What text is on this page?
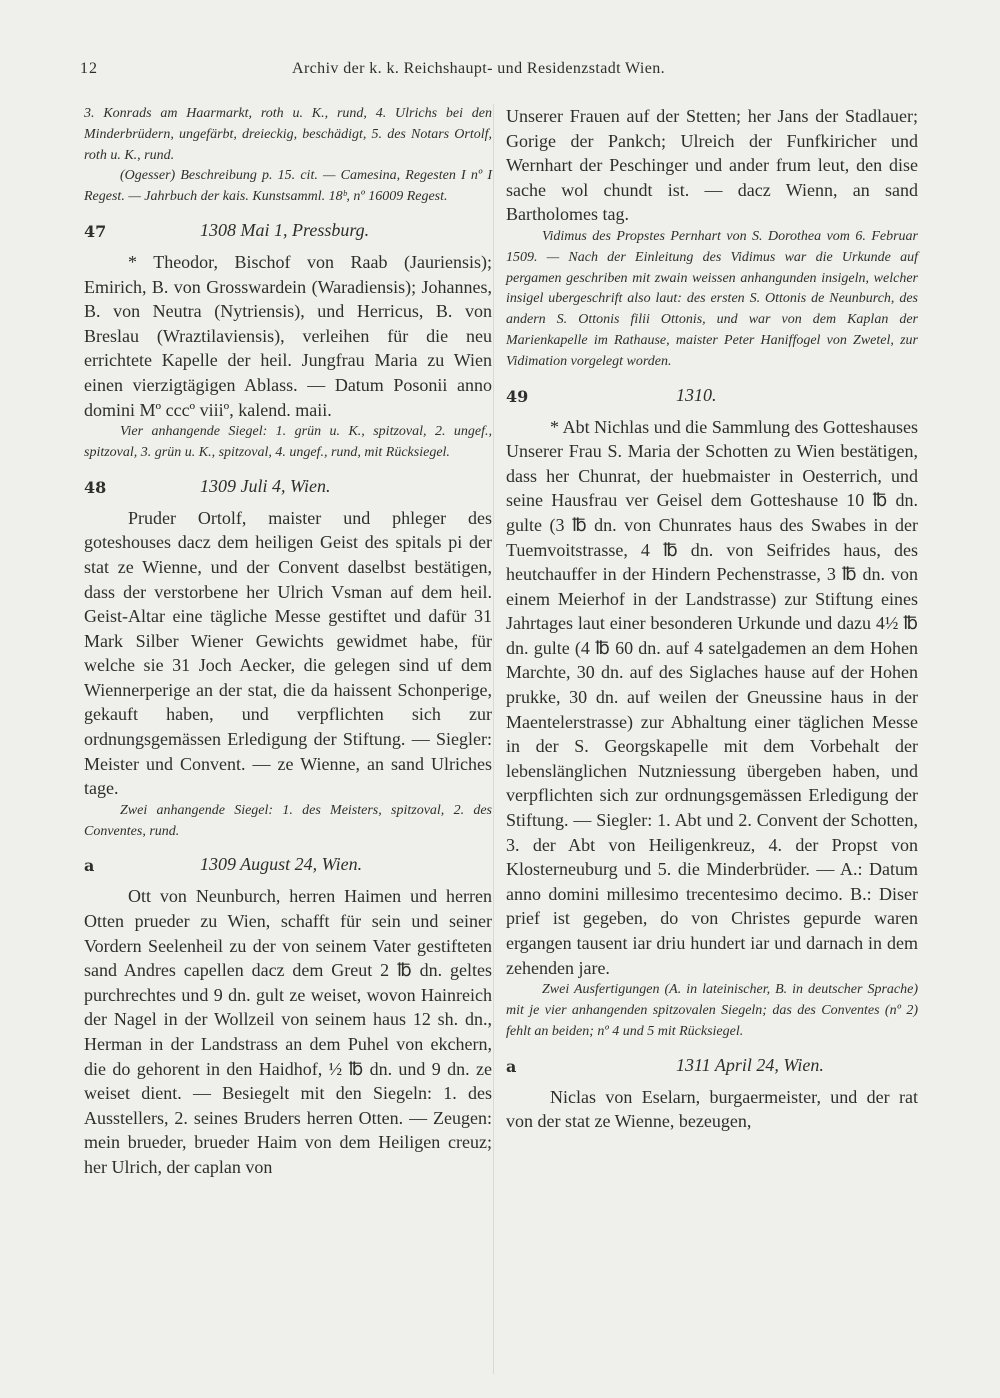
12	Archiv der k. k. Reichshaupt- und Residenzstadt Wien.

3. Konrads am Haarmarkt, roth u. K., rund, 4. Ulrichs bei den Minderbrüdern, ungefärbt, dreieckig, beschädigt, 5. des Notars Ortolf, roth u. K., rund.

(Ogesser) Beschreibung p. 15. cit. — Camesina, Regesten I nº I Regest. — Jahrbuch der kais. Kunstsamml. 18ᵇ, nº 16009 Regest.

47	1308 Mai 1, Pressburg.

* Theodor, Bischof von Raab (Jauriensis); Emirich, B. von Grosswardein (Waradiensis); Johannes, B. von Neutra (Nytriensis), und Herricus, B. von Breslau (Wraztilaviensis), verleihen für die neu errichtete Kapelle der heil. Jungfrau Maria zu Wien einen vierzigtägigen Ablass. — Datum Posonii anno domini Mº cccº viiiº, kalend. maii.

Vier anhangende Siegel: 1. grün u. K., spitzoval, 2. ungef., spitzoval, 3. grün u. K., spitzoval, 4. ungef., rund, mit Rücksiegel.

48	1309 Juli 4, Wien.

Pruder Ortolf, maister und phleger des goteshouses dacz dem heiligen Geist des spitals pi der stat ze Wienne, und der Convent daselbst bestätigen, dass der verstorbene her Ulrich Vsman auf dem heil. Geist-Altar eine tägliche Messe gestiftet und dafür 31 Mark Silber Wiener Gewichts gewidmet habe, für welche sie 31 Joch Aecker, die gelegen sind uf dem Wiennerperige an der stat, die da haissent Schonperige, gekauft haben, und verpflichten sich zur ordnungsgemässen Erledigung der Stiftung. — Siegler: Meister und Convent. — ze Wienne, an sand Ulriches tage.

Zwei anhangende Siegel: 1. des Meisters, spitzoval, 2. des Conventes, rund.

a	1309 August 24, Wien.

Ott von Neunburch, herren Haimen und herren Otten prueder zu Wien, schafft für sein und seiner Vordern Seelenheil zu der von seinem Vater gestifteten sand Andres capellen dacz dem Greut 2 ℔ dn. geltes purchrechtes und 9 dn. gult ze weiset, wovon Hainreich der Nagel in der Wollzeil von seinem haus 12 sh. dn., Herman in der Landstrass an dem Puhel von ekchern, die do gehorent in den Haidhof, ½ ℔ dn. und 9 dn. ze weiset dient. — Besiegelt mit den Siegeln: 1. des Ausstellers, 2. seines Bruders herren Otten. — Zeugen: mein brueder, brueder Haim von dem Heiligen creuz; her Ulrich, der caplan von

Unserer Frauen auf der Stetten; her Jans der Stadlauer; Gorige der Pankch; Ulreich der Funfkiricher und Wernhart der Peschinger und ander frum leut, den dise sache wol chundt ist. — dacz Wienn, an sand Bartholomes tag.

Vidimus des Propstes Pernhart von S. Dorothea vom 6. Februar 1509. — Nach der Einleitung des Vidimus war die Urkunde auf pergamen geschriben mit zwain weissen anhangunden insigeln, welcher insigel ubergeschrift also laut: des ersten S. Ottonis de Neunburch, des andern S. Ottonis filii Ottonis, und war von dem Kaplan der Marienkapelle im Rathause, maister Peter Haniffogel von Zwetel, zur Vidimation vorgelegt worden.

49	1310.

* Abt Nichlas und die Sammlung des Gotteshauses Unserer Frau S. Maria der Schotten zu Wien bestätigen, dass her Chunrat, der huebmaister in Oesterrich, und seine Hausfrau ver Geisel dem Gotteshause 10 ℔ dn. gulte (3 ℔ dn. von Chunrates haus des Swabes in der Tuemvoitstrasse, 4 ℔ dn. von Seifrides haus, des heutchauffer in der Hindern Pechenstrasse, 3 ℔ dn. von einem Meierhof in der Landstrasse) zur Stiftung eines Jahrtages laut einer besonderen Urkunde und dazu 4½ ℔ dn. gulte (4 ℔ 60 dn. auf 4 satelgademen an dem Hohen Marchte, 30 dn. auf des Siglaches hause auf der Hohen prukke, 30 dn. auf weilen der Gneussine haus in der Maentelerstrasse) zur Abhaltung einer täglichen Messe in der S. Georgskapelle mit dem Vorbehalt der lebenslänglichen Nutzniessung übergeben haben, und verpflichten sich zur ordnungsgemässen Erledigung der Stiftung. — Siegler: 1. Abt und 2. Convent der Schotten, 3. der Abt von Heiligenkreuz, 4. der Propst von Klosterneuburg und 5. die Minderbrüder. — A.: Datum anno domini millesimo trecentesimo decimo. B.: Diser prief ist gegeben, do von Christes gepurde waren ergangen tausent iar driu hundert iar und darnach in dem zehenden jare.

Zwei Ausfertigungen (A. in lateinischer, B. in deutscher Sprache) mit je vier anhangenden spitzovalen Siegeln; das des Conventes (nº 2) fehlt an beiden; nº 4 und 5 mit Rücksiegel.

a	1311 April 24, Wien.

Niclas von Eselarn, burgaermeister, und der rat von der stat ze Wienne, bezeugen,
